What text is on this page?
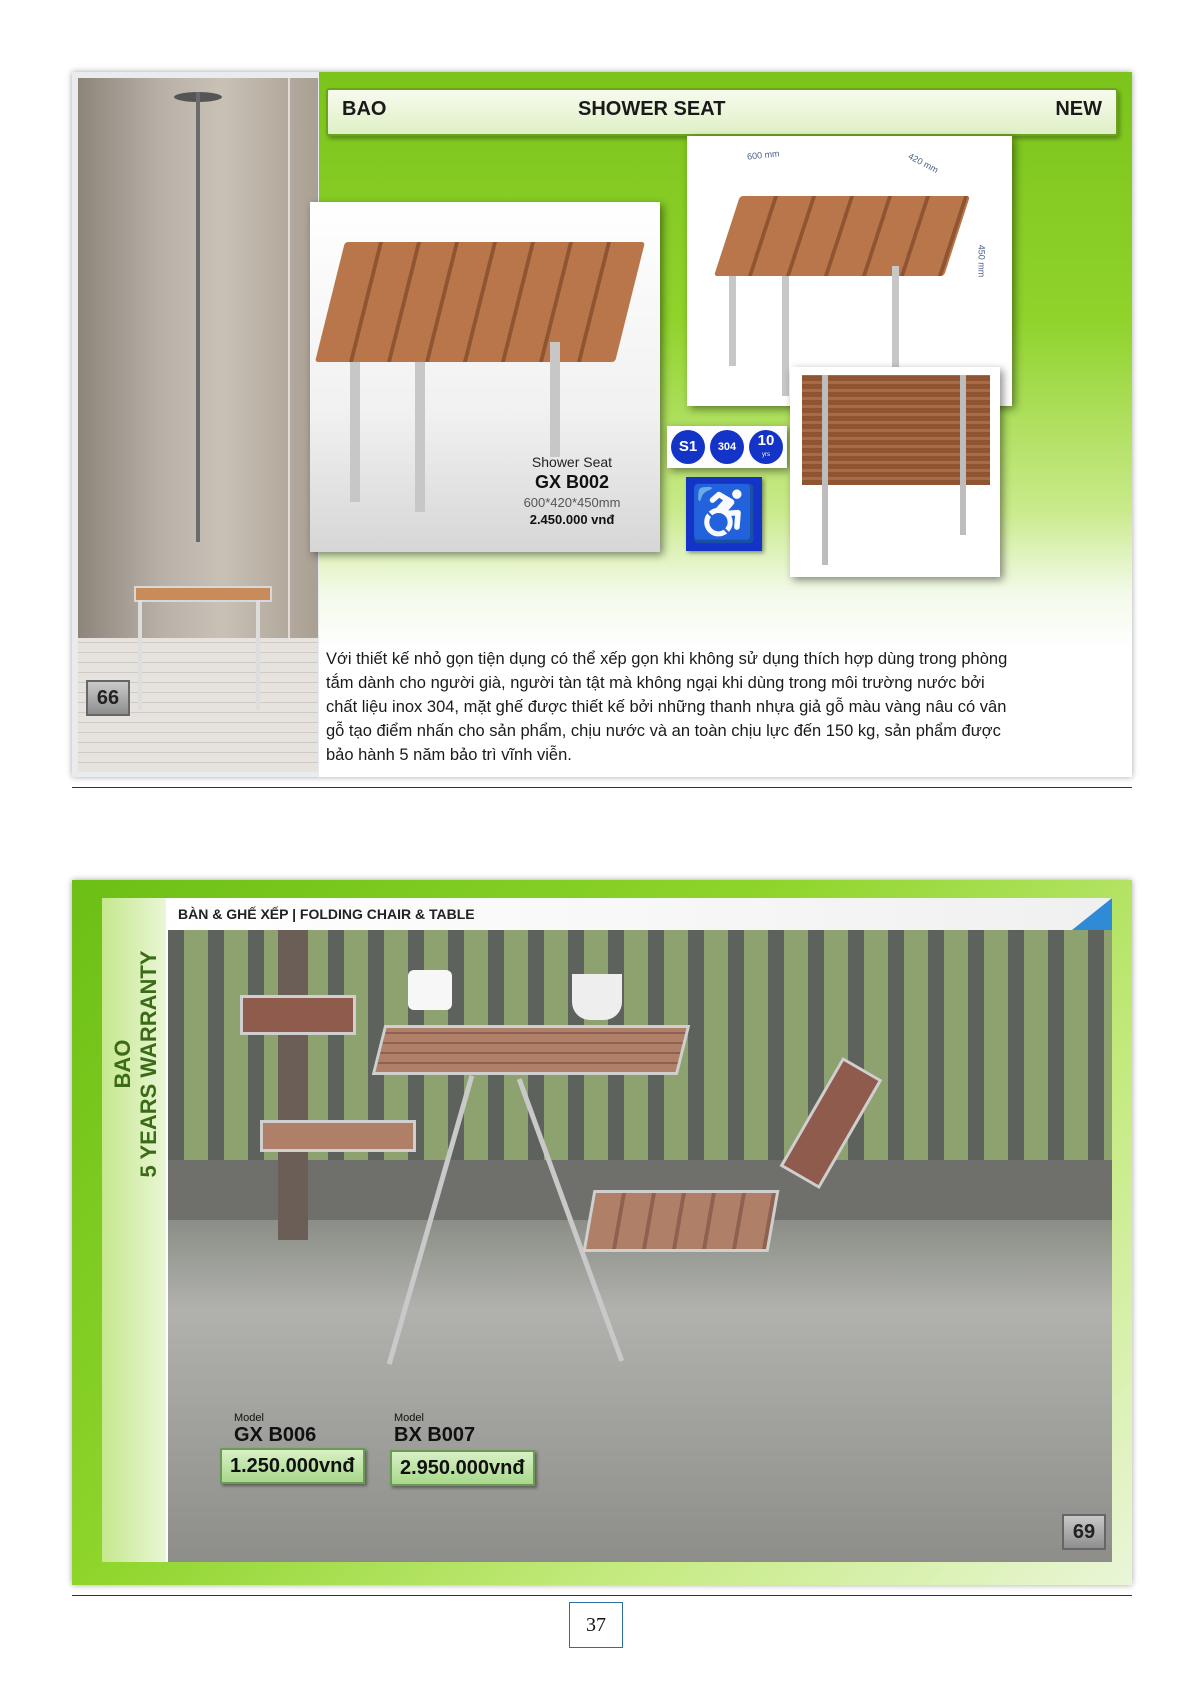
66
BAO	SHOWER SEAT	NEW
Shower Seat
GX B002
600*420*450mm
2.450.000 vnđ
600 mm	420 mm
450 mm
S1	304	10
yrs
♿
Với thiết kế nhỏ gọn tiện dụng có thể xếp gọn khi không sử dụng thích hợp dùng trong phòng tắm dành cho người già, người tàn tật mà không ngại khi dùng trong môi trường nước bởi chất liệu inox 304, mặt ghế được thiết kế bởi những thanh nhựa giả gỗ màu vàng nâu có vân gỗ tạo điểm nhấn cho sản phẩm, chịu nước và an toàn chịu lực đến 150 kg, sản phẩm được bảo hành 5 năm bảo trì vĩnh viễn.
BAO 5 YEARS WARRANTY
BÀN & GHẾ XẾP | FOLDING CHAIR & TABLE
Model
GX B006
1.250.000vnđ
Model
BX B007
2.950.000vnđ
69
37
